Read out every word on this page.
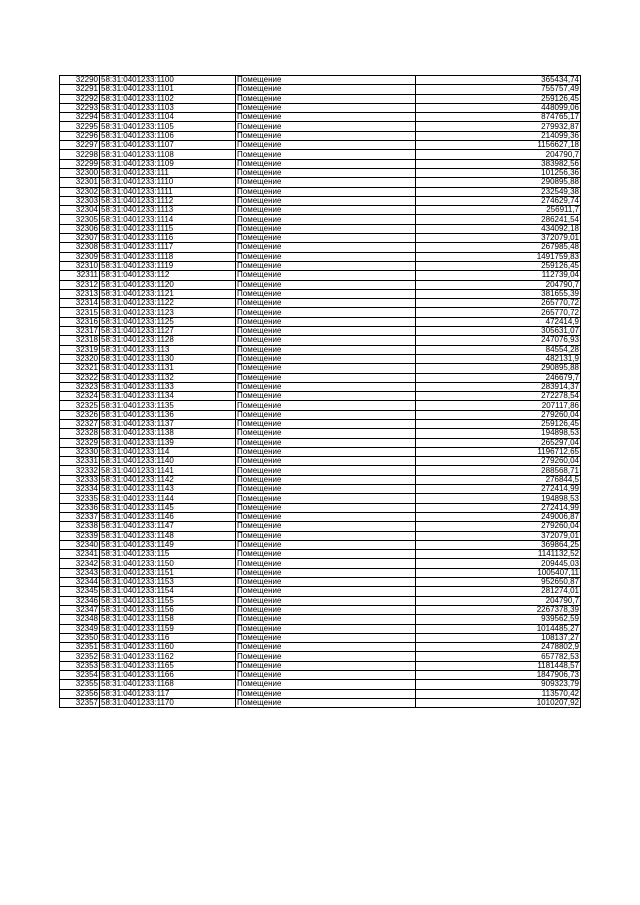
32290	58:31:0401233:1100	Помещение	365434,74
32291	58:31:0401233:1101	Помещение	755757,49
32292	58:31:0401233:1102	Помещение	259126,45
32293	58:31:0401233:1103	Помещение	448099,06
32294	58:31:0401233:1104	Помещение	874765,17
32295	58:31:0401233:1105	Помещение	279932,87
32296	58:31:0401233:1106	Помещение	214099,36
32297	58:31:0401233:1107	Помещение	1156627,18
32298	58:31:0401233:1108	Помещение	204790,7
32299	58:31:0401233:1109	Помещение	383982,56
32300	58:31:0401233:111	Помещение	101256,36
32301	58:31:0401233:1110	Помещение	290895,88
32302	58:31:0401233:1111	Помещение	232549,38
32303	58:31:0401233:1112	Помещение	274629,74
32304	58:31:0401233:1113	Помещение	256911,7
32305	58:31:0401233:1114	Помещение	286241,54
32306	58:31:0401233:1115	Помещение	434092,18
32307	58:31:0401233:1116	Помещение	372079,01
32308	58:31:0401233:1117	Помещение	267985,48
32309	58:31:0401233:1118	Помещение	1491759,83
32310	58:31:0401233:1119	Помещение	259126,45
32311	58:31:0401233:112	Помещение	112739,04
32312	58:31:0401233:1120	Помещение	204790,7
32313	58:31:0401233:1121	Помещение	381655,39
32314	58:31:0401233:1122	Помещение	265770,72
32315	58:31:0401233:1123	Помещение	265770,72
32316	58:31:0401233:1125	Помещение	472414,9
32317	58:31:0401233:1127	Помещение	305631,07
32318	58:31:0401233:1128	Помещение	247076,93
32319	58:31:0401233:113	Помещение	84554,28
32320	58:31:0401233:1130	Помещение	482131,9
32321	58:31:0401233:1131	Помещение	290895,88
32322	58:31:0401233:1132	Помещение	246679,7
32323	58:31:0401233:1133	Помещение	283914,37
32324	58:31:0401233:1134	Помещение	272278,54
32325	58:31:0401233:1135	Помещение	207117,86
32326	58:31:0401233:1136	Помещение	279260,04
32327	58:31:0401233:1137	Помещение	259126,45
32328	58:31:0401233:1138	Помещение	194898,53
32329	58:31:0401233:1139	Помещение	265297,04
32330	58:31:0401233:114	Помещение	1196712,65
32331	58:31:0401233:1140	Помещение	279260,04
32332	58:31:0401233:1141	Помещение	288568,71
32333	58:31:0401233:1142	Помещение	276844,5
32334	58:31:0401233:1143	Помещение	272414,99
32335	58:31:0401233:1144	Помещение	194898,53
32336	58:31:0401233:1145	Помещение	272414,99
32337	58:31:0401233:1146	Помещение	249006,87
32338	58:31:0401233:1147	Помещение	279260,04
32339	58:31:0401233:1148	Помещение	372079,01
32340	58:31:0401233:1149	Помещение	369864,25
32341	58:31:0401233:115	Помещение	1141132,52
32342	58:31:0401233:1150	Помещение	209445,03
32343	58:31:0401233:1151	Помещение	1005407,11
32344	58:31:0401233:1153	Помещение	952650,87
32345	58:31:0401233:1154	Помещение	281274,01
32346	58:31:0401233:1155	Помещение	204790,7
32347	58:31:0401233:1156	Помещение	2267378,39
32348	58:31:0401233:1158	Помещение	939562,59
32349	58:31:0401233:1159	Помещение	1014485,27
32350	58:31:0401233:116	Помещение	108137,27
32351	58:31:0401233:1160	Помещение	2478802,9
32352	58:31:0401233:1162	Помещение	657782,53
32353	58:31:0401233:1165	Помещение	1181448,57
32354	58:31:0401233:1166	Помещение	1847906,73
32355	58:31:0401233:1168	Помещение	909323,79
32356	58:31:0401233:117	Помещение	113570,42
32357	58:31:0401233:1170	Помещение	1010207,92
